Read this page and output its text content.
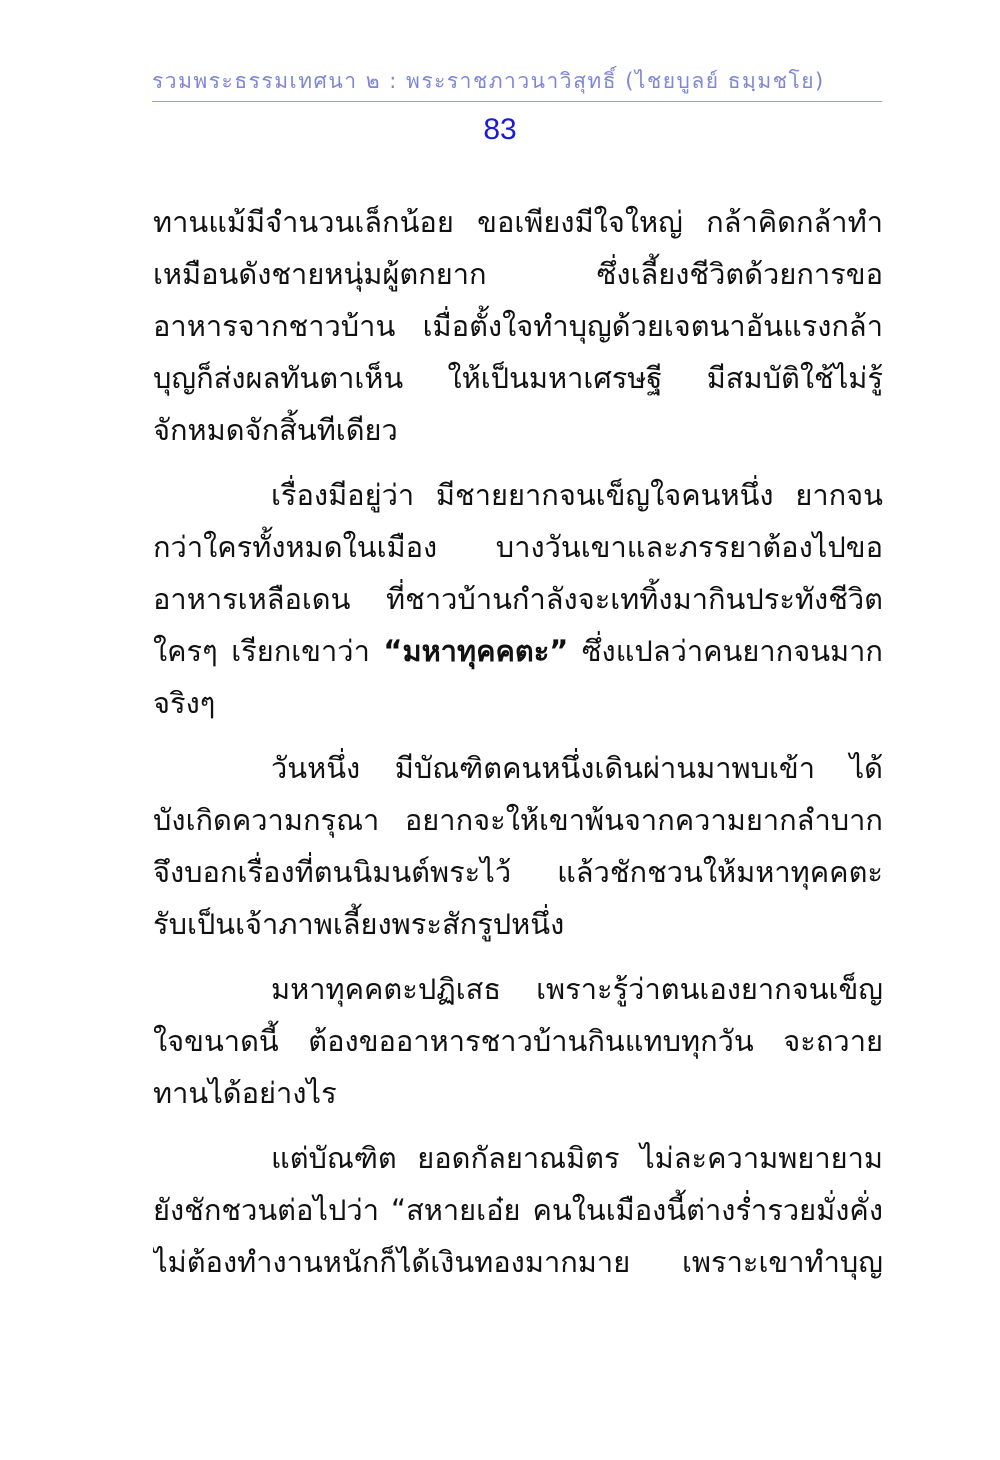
รวมพระธรรมเทศนา ๒ : พระราชภาวนาวิสุทธิ์ (ไชยบูลย์ ธมฺมชโย)
83
ทานแม้มีจำนวนเล็กน้อย ขอเพียงมีใจใหญ่ กล้าคิดกล้าทำ
เหมือนดังชายหนุ่มผู้ตกยาก ซึ่งเลี้ยงชีวิตด้วยการขอ
อาหารจากชาวบ้าน เมื่อตั้งใจทำบุญด้วยเจตนาอันแรงกล้า
บุญก็ส่งผลทันตาเห็น ให้เป็นมหาเศรษฐี มีสมบัติใช้ไม่รู้
จักหมดจักสิ้นทีเดียว
เรื่องมีอยู่ว่า มีชายยากจนเข็ญใจคนหนึ่ง ยากจน
กว่าใครทั้งหมดในเมือง บางวันเขาและภรรยาต้องไปขอ
อาหารเหลือเดน ที่ชาวบ้านกำลังจะเททิ้งมากินประทังชีวิต
ใครๆ เรียกเขาว่า “มหาทุคคตะ” ซึ่งแปลว่าคนยากจนมาก
จริงๆ
วันหนึ่ง มีบัณฑิตคนหนึ่งเดินผ่านมาพบเข้า ได้
บังเกิดความกรุณา อยากจะให้เขาพ้นจากความยากลำบาก
จึงบอกเรื่องที่ตนนิมนต์พระไว้ แล้วชักชวนให้มหาทุคคตะ
รับเป็นเจ้าภาพเลี้ยงพระสักรูปหนึ่ง
มหาทุคคตะปฏิเสธ เพราะรู้ว่าตนเองยากจนเข็ญ
ใจขนาดนี้ ต้องขออาหารชาวบ้านกินแทบทุกวัน จะถวาย
ทานได้อย่างไร
แต่บัณฑิต ยอดกัลยาณมิตร ไม่ละความพยายาม
ยังชักชวนต่อไปว่า “สหายเอ๋ย คนในเมืองนี้ต่างร่ำรวยมั่งคั่ง
ไม่ต้องทำงานหนักก็ได้เงินทองมากมาย เพราะเขาทำบุญ
